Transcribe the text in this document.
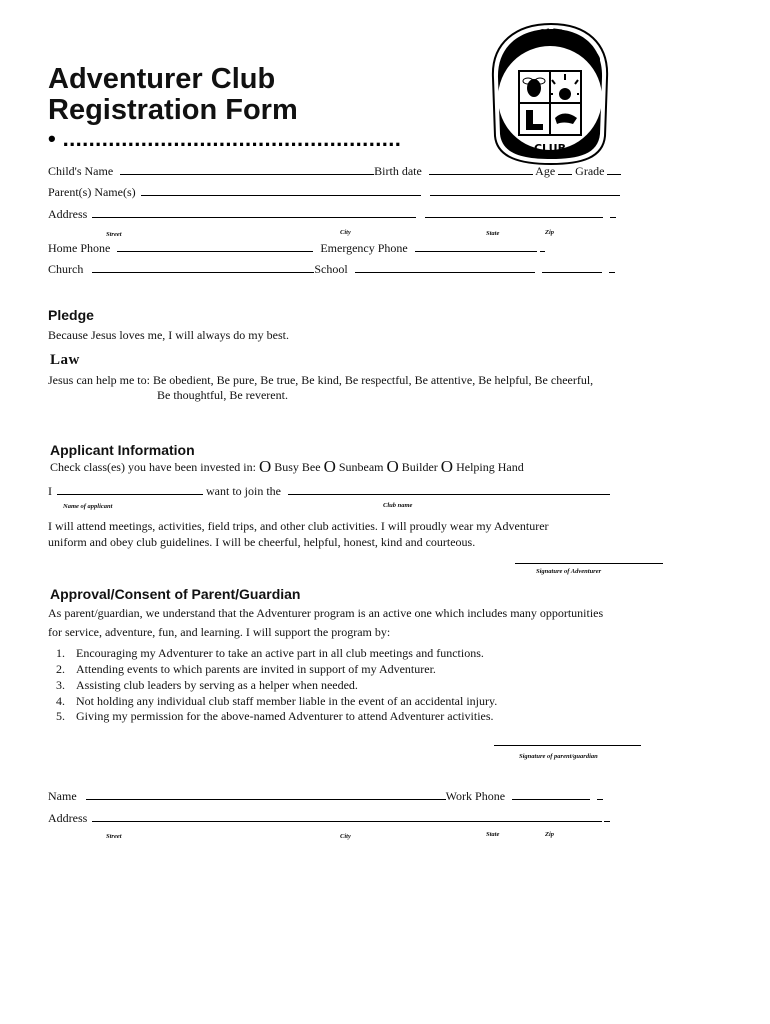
Adventurer Club
Registration Form
• ....................................................
ADVENTURER
CLUB
Child's Name	Birth date	Age Grade
Parent(s) Name(s)
Address
Street	City	State	Zip
Home Phone	Emergency Phone
Church	School
Pledge
Because Jesus loves me, I will always do my best.
Law
Jesus can help me to: Be obedient, Be pure, Be true, Be kind, Be respectful, Be attentive, Be helpful, Be cheerful,
Be thoughtful, Be reverent.
Applicant Information
Check class(es) you have been invested in: O Busy Bee O Sunbeam O Builder O Helping Hand
I	want to join the
Name of applicant	Club name
I will attend meetings, activities, field trips, and other club activities. I will proudly wear my Adventurer
uniform and obey club guidelines. I will be cheerful, helpful, honest, kind and courteous.
Signature of Adventurer
Approval/Consent of Parent/Guardian
As parent/guardian, we understand that the Adventurer program is an active one which includes many opportunities
for service, adventure, fun, and learning. I will support the program by:
1. Encouraging my Adventurer to take an active part in all club meetings and functions.
2. Attending events to which parents are invited in support of my Adventurer.
3. Assisting club leaders by serving as a helper when needed.
4. Not holding any individual club staff member liable in the event of an accidental injury.
5. Giving my permission for the above-named Adventurer to attend Adventurer activities.
Signature of parent/guardian
Name	Work Phone
Address
Street	City	State	Zip
